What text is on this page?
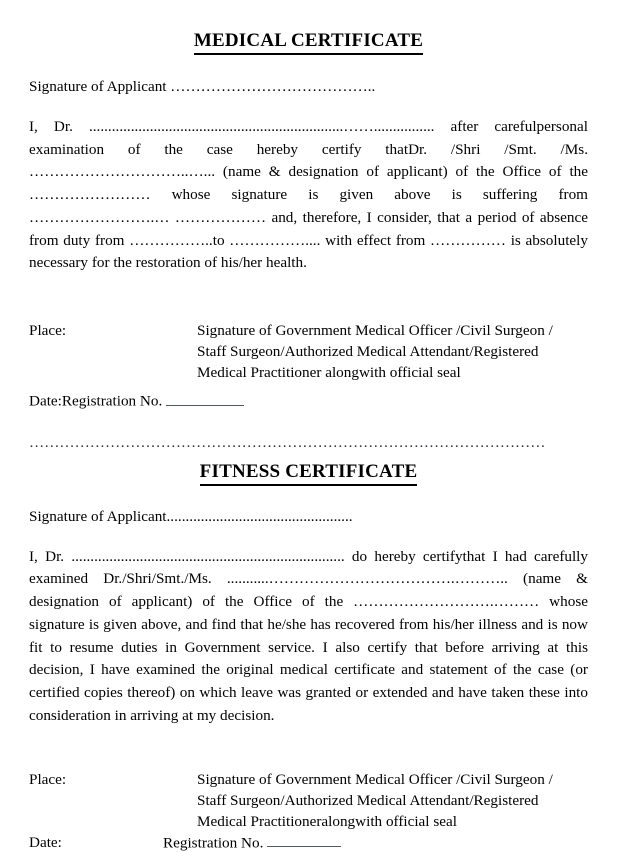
MEDICAL CERTIFICATE

Signature of Applicant …………………………………..

I, Dr. ...................................................................……................ after carefulpersonal examination of the case hereby certify thatDr. /Shri /Smt. /Ms. …………………………..…... (name & designation of applicant) of the Office of the …………………… whose signature is given above is suffering from …………………….… ……………… and, therefore, I consider, that a period of absence from duty from ……………..to …………….... with effect from …………… is absolutely necessary for the restoration of his/her health.

Place:	Signature of Government Medical Officer /Civil Surgeon /
Staff Surgeon/Authorized Medical Attendant/Registered
Medical Practitioner alongwith official seal

Date:Registration No.

…………………………………………………………………………………………
FITNESS CERTIFICATE

Signature of Applicant.................................................

I, Dr. ........................................................................ do hereby certifythat I had carefully examined Dr./Shri/Smt./Ms. ...........……………………………….……….. (name & designation of applicant) of the Office of the ……………………….……… whose signature is given above, and find that he/she has recovered from his/her illness and is now fit to resume duties in Government service. I also certify that before arriving at this decision, I have examined the original medical certificate and statement of the case (or certified copies thereof) on which leave was granted or extended and have taken these into consideration in arriving at my decision.

Place:	Signature of Government Medical Officer /Civil Surgeon /
Staff Surgeon/Authorized Medical Attendant/Registered
Medical Practitioneralongwith official seal
Date:	Registration No.
